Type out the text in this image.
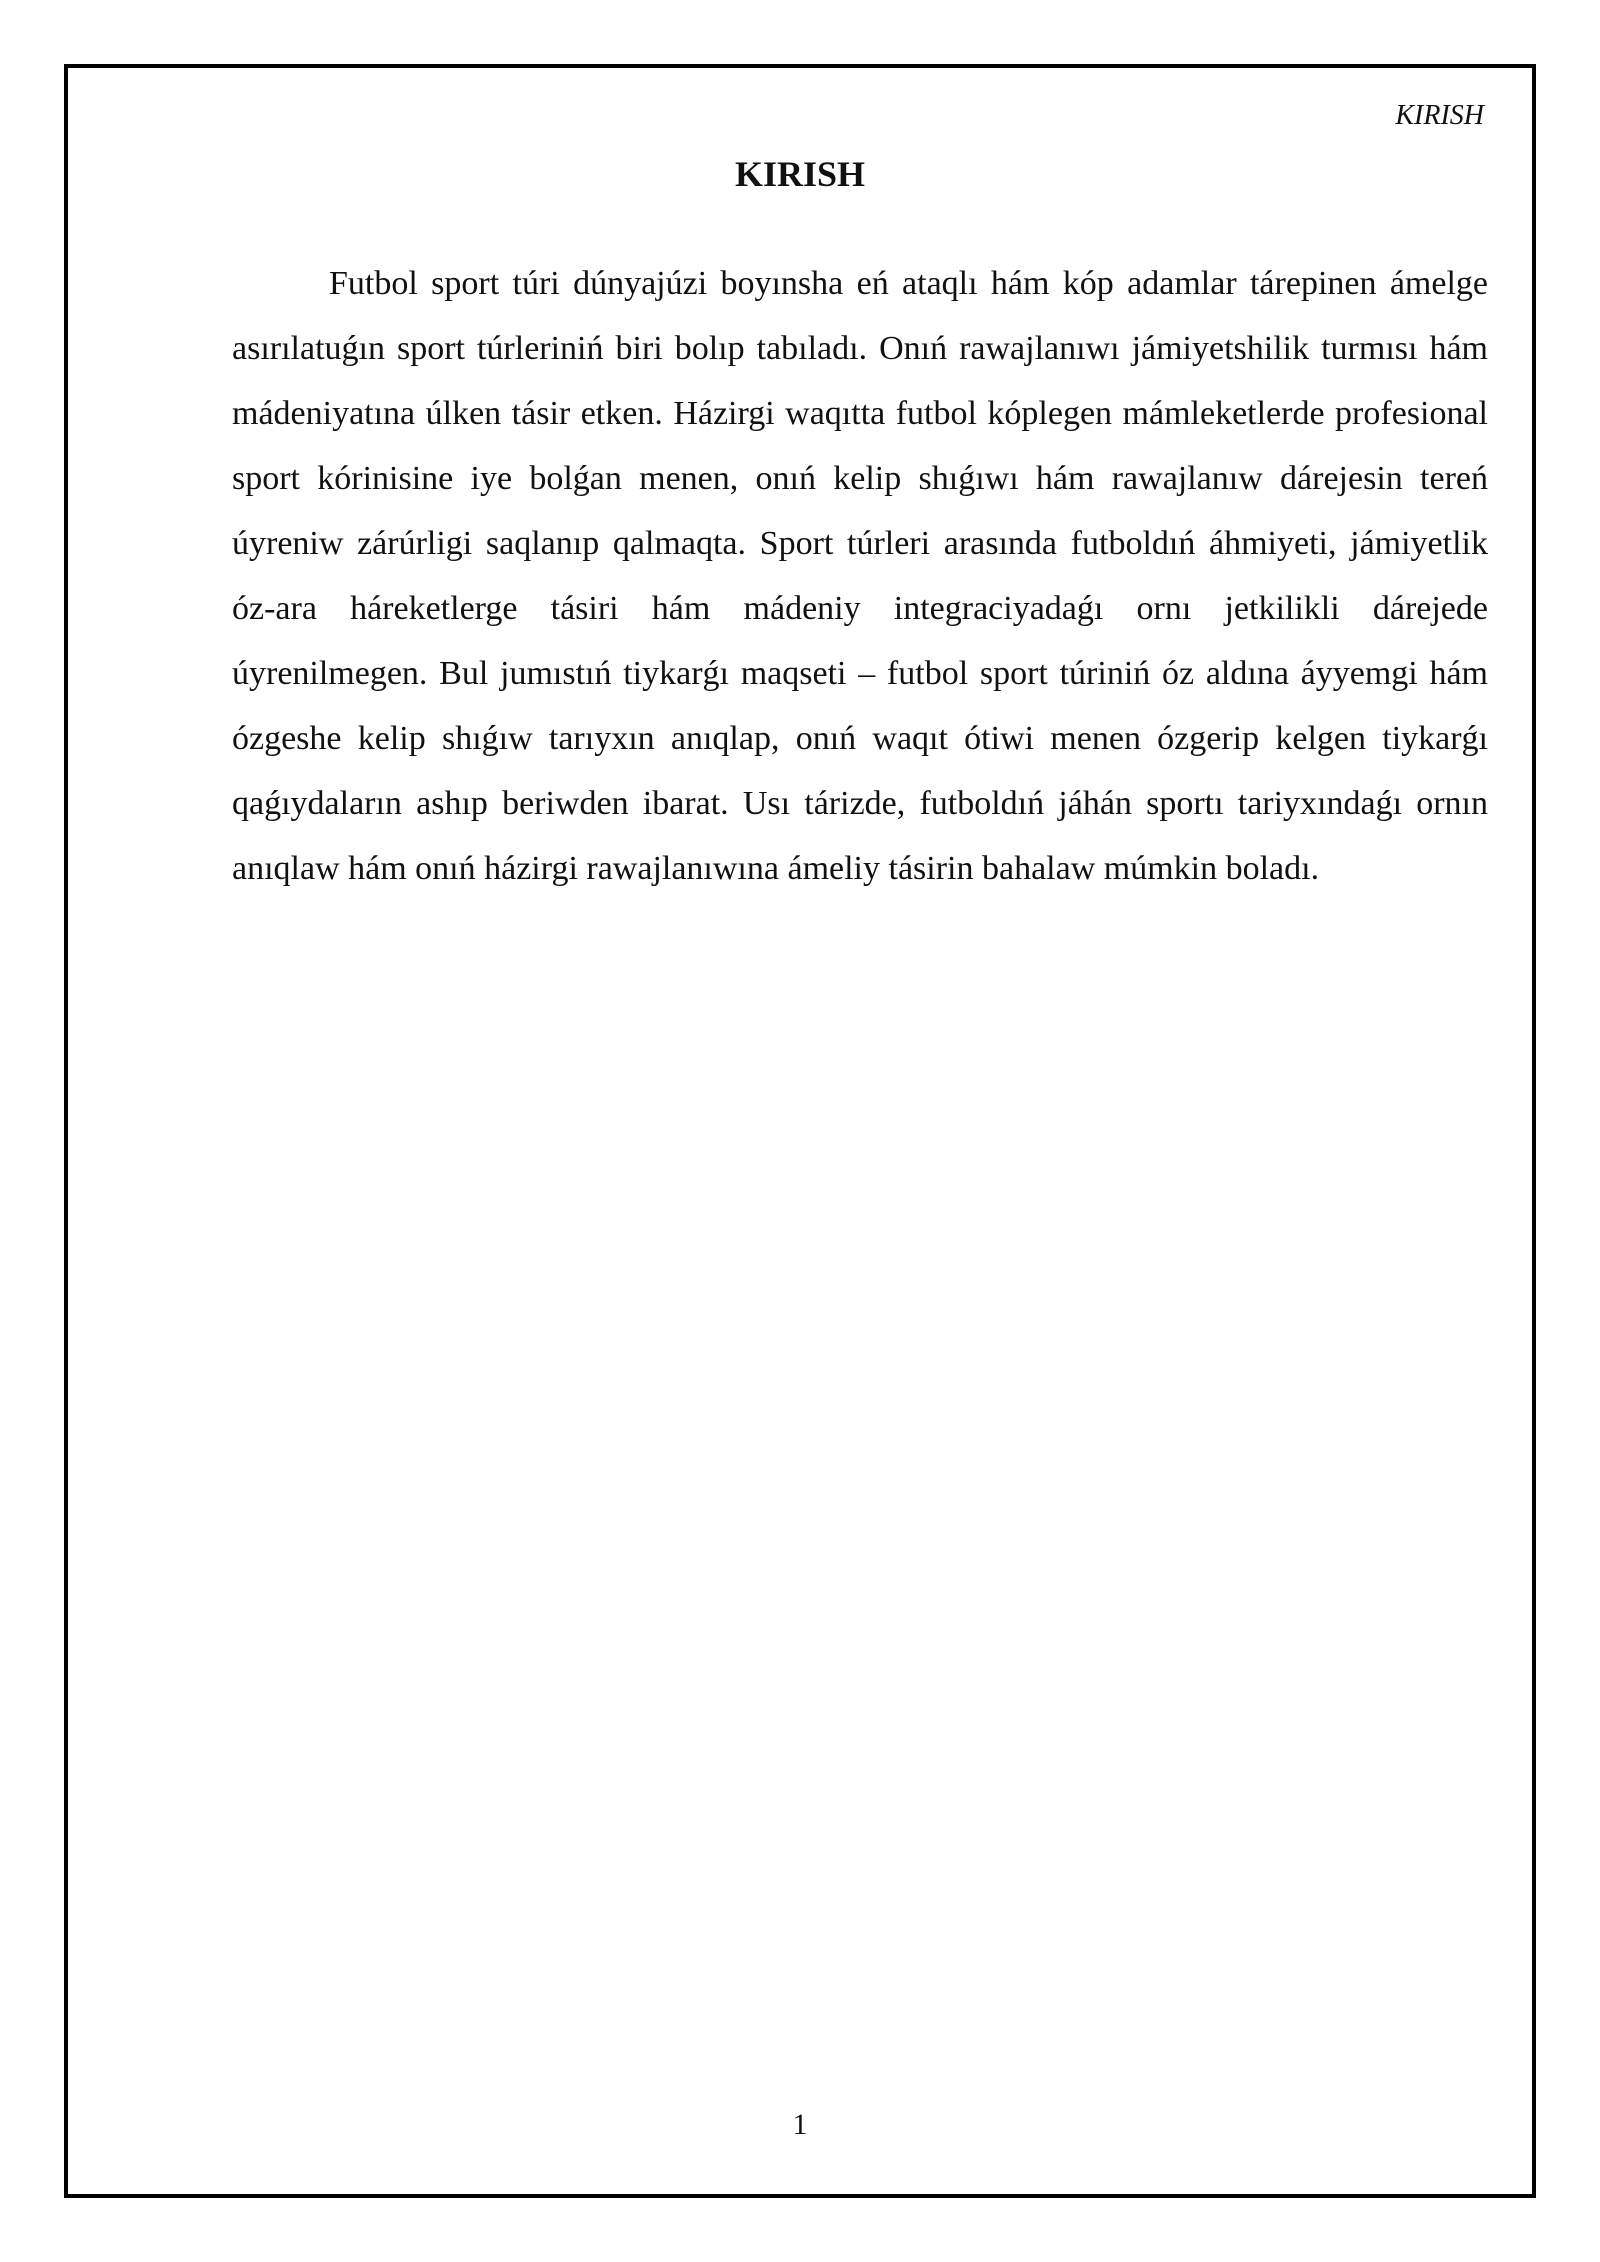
KIRISH
KIRISH

Futbol sport túri dúnyajúzi boyınsha eń ataqlı hám kóp adamlar tárepinen ámelge asırılatuǵın sport túrleriniń biri bolıp tabıladı. Onıń rawajlanıwı jámiyetshilik turmısı hám mádeniyatına úlken tásir etken. Házirgi waqıtta futbol kóplegen mámleketlerde profesional sport kórinisine iye bolǵan menen, onıń kelip shıǵıwı hám rawajlanıw dárejesin tereń úyreniw zárúrligi saqlanıp qalmaqta. Sport túrleri arasında futboldıń áhmiyeti, jámiyetlik óz-ara háreketlerge tásiri hám mádeniy integraciyadaǵı ornı jetkilikli dárejede úyrenilmegen. Bul jumıstıń tiykarǵı maqseti – futbol sport túriniń óz aldına áyyemgi hám ózgeshe kelip shıǵıw tarıyxın anıqlap, onıń waqıt ótiwi menen ózgerip kelgen tiykarǵı qaǵıydaların ashıp beriwden ibarat. Usı tárizde, futboldıń jáhán sportı tariyxındaǵı ornın anıqlaw hám onıń házirgi rawajlanıwına ámeliy tásirin bahalaw múmkin boladı.

1
